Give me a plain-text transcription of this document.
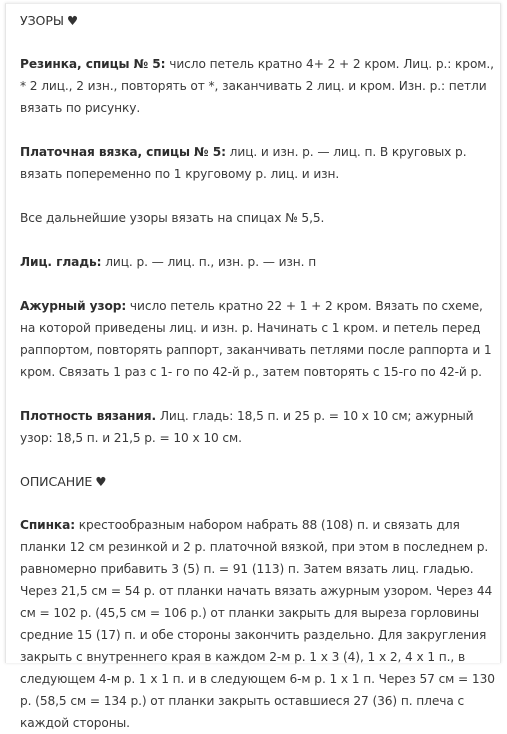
УЗОРЫ ♥

Резинка, спицы № 5: число петель кратно 4+ 2 + 2 кром. Лиц. р.: кром., * 2 лиц., 2 изн., повторять от *, заканчивать 2 лиц. и кром. Изн. р.: петли вязать по рисунку.

Платочная вязка, спицы № 5: лиц. и изн. р. — лиц. п. В круговых р. вязать попеременно по 1 круговому р. лиц. и изн.

Все дальнейшие узоры вязать на спицах № 5,5.

Лиц. гладь: лиц. р. — лиц. п., изн. р. — изн. п

Ажурный узор: число петель кратно 22 + 1 + 2 кром. Вязать по схеме, на которой приведены лиц. и изн. р. Начинать с 1 кром. и петель перед раппортом, повторять раппорт, заканчивать петлями после раппорта и 1 кром. Связать 1 раз с 1- го по 42-й р., затем повторять с 15-го по 42-й р.

Плотность вязания. Лиц. гладь: 18,5 п. и 25 р. = 10 х 10 см; ажурный узор: 18,5 п. и 21,5 р. = 10 х 10 см.

ОПИСАНИЕ ♥

Спинка: крестообразным набором набрать 88 (108) п. и связать для планки 12 см резинкой и 2 р. платочной вязкой, при этом в последнем р. равномерно прибавить 3 (5) п. = 91 (113) п. Затем вязать лиц. гладью. Через 21,5 см = 54 р. от планки начать вязать ажурным узором. Через 44 см = 102 р. (45,5 см = 106 р.) от планки закрыть для выреза горловины средние 15 (17) п. и обе стороны закончить раздельно. Для закругления закрыть с внутреннего края в каждом 2-м р. 1 х 3 (4), 1 х 2, 4 х 1 п., в следующем 4-м р. 1 х 1 п. и в следующем 6-м р. 1 х 1 п. Через 57 см = 130 р. (58,5 см = 134 р.) от планки закрыть оставшиеся 27 (36) п. плеча с каждой стороны.
